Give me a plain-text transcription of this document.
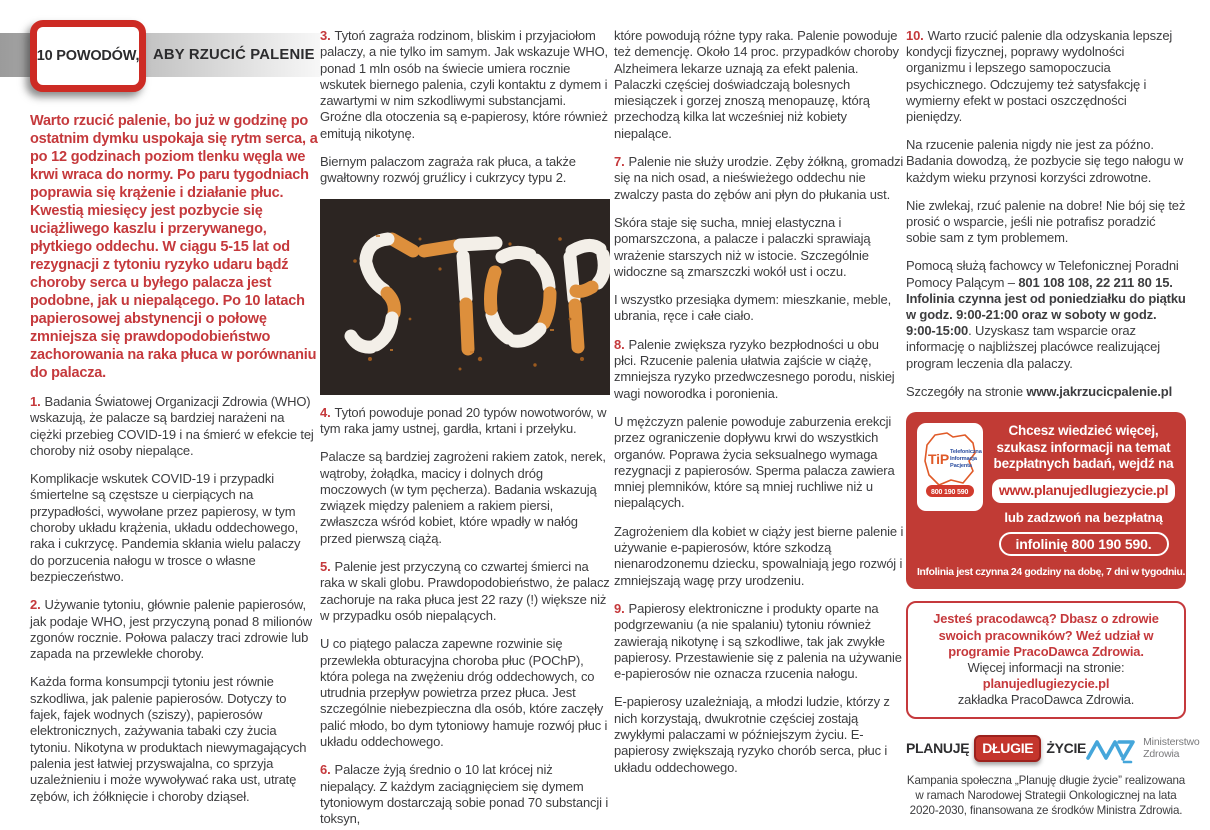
10 POWODÓW, ABY RZUCIĆ PALENIE

Warto rzucić palenie, bo już w godzinę po ostatnim dymku uspokaja się rytm serca, a po 12 godzinach poziom tlenku węgla we krwi wraca do normy. Po paru tygodniach poprawia się krążenie i działanie płuc. Kwestią miesięcy jest pozbycie się uciążliwego kaszlu i przerywanego, płytkiego oddechu. W ciągu 5-15 lat od rezygnacji z tytoniu ryzyko udaru bądź choroby serca u byłego palacza jest podobne, jak u niepalącego. Po 10 latach papierosowej abstynencji o połowę zmniejsza się prawdopodobieństwo zachorowania na raka płuca w porównaniu do palacza.

1. Badania Światowej Organizacji Zdrowia (WHO) wskazują, że palacze są bardziej narażeni na ciężki przebieg COVID-19 i na śmierć w efekcie tej choroby niż osoby niepalące.

Komplikacje wskutek COVID-19 i przypadki śmiertelne są częstsze u cierpiących na przypadłości, wywołane przez papierosy, w tym choroby układu krążenia, układu oddechowego, raka i cukrzycę. Pandemia skłania wielu palaczy do porzucenia nałogu w trosce o własne bezpieczeństwo.

2. Używanie tytoniu, głównie palenie papierosów, jak podaje WHO, jest przyczyną ponad 8 milionów zgonów rocznie. Połowa palaczy traci zdrowie lub zapada na przewlekłe choroby.

Każda forma konsumpcji tytoniu jest równie szkodliwa, jak palenie papierosów. Dotyczy to fajek, fajek wodnych (sziszy), papierosów elektronicznych, zażywania tabaki czy żucia tytoniu. Nikotyna w produktach niewymagających palenia jest łatwiej przyswajalna, co sprzyja uzależnieniu i może wywoływać raka ust, utratę zębów, ich żółknięcie i choroby dziąseł.

3. Tytoń zagraża rodzinom, bliskim i przyjaciołom palaczy, a nie tylko im samym. Jak wskazuje WHO, ponad 1 mln osób na świecie umiera rocznie wskutek biernego palenia, czyli kontaktu z dymem i zawartymi w nim szkodliwymi substancjami. Groźne dla otoczenia są e-papierosy, które również emitują nikotynę.

Biernym palaczom zagraża rak płuca, a także gwałtowny rozwój gruźlicy i cukrzycy typu 2.

4. Tytoń powoduje ponad 20 typów nowotworów, w tym raka jamy ustnej, gardła, krtani i przełyku.

Palacze są bardziej zagrożeni rakiem zatok, nerek, wątroby, żołądka, macicy i dolnych dróg moczowych (w tym pęcherza). Badania wskazują związek między paleniem a rakiem piersi, zwłaszcza wśród kobiet, które wpadły w nałóg przed pierwszą ciążą.

5. Palenie jest przyczyną co czwartej śmierci na raka w skali globu. Prawdopodobieństwo, że palacz zachoruje na raka płuca jest 22 razy (!) większe niż w przypadku osób niepalących.

U co piątego palacza zapewne rozwinie się przewlekła obturacyjna choroba płuc (POChP), która polega na zwężeniu dróg oddechowych, co utrudnia przepływ powietrza przez płuca. Jest szczególnie niebezpieczna dla osób, które zaczęły palić młodo, bo dym tytoniowy hamuje rozwój płuc i układu oddechowego.

6. Palacze żyją średnio o 10 lat krócej niż niepalący. Z każdym zaciągnięciem się dymem tytoniowym dostarczają sobie ponad 70 substancji i toksyn,

które powodują różne typy raka. Palenie powoduje też demencję. Około 14 proc. przypadków choroby Alzheimera lekarze uznają za efekt palenia. Palaczki częściej doświadczają bolesnych miesiączek i gorzej znoszą menopauzę, którą przechodzą kilka lat wcześniej niż kobiety niepalące.

7. Palenie nie służy urodzie. Zęby żółkną, gromadzi się na nich osad, a nieświeżego oddechu nie zwalczy pasta do zębów ani płyn do płukania ust.

Skóra staje się sucha, mniej elastyczna i pomarszczona, a palacze i palaczki sprawiają wrażenie starszych niż w istocie. Szczególnie widoczne są zmarszczki wokół ust i oczu.

I wszystko przesiąka dymem: mieszkanie, meble, ubrania, ręce i całe ciało.

8. Palenie zwiększa ryzyko bezpłodności u obu płci. Rzucenie palenia ułatwia zajście w ciążę, zmniejsza ryzyko przedwczesnego porodu, niskiej wagi noworodka i poronienia.

U mężczyzn palenie powoduje zaburzenia erekcji przez ograniczenie dopływu krwi do wszystkich organów. Poprawa życia seksualnego wymaga rezygnacji z papierosów. Sperma palacza zawiera mniej plemników, które są mniej ruchliwe niż u niepalących.

Zagrożeniem dla kobiet w ciąży jest bierne palenie i używanie e-papierosów, które szkodzą nienarodzonemu dziecku, spowalniają jego rozwój i zmniejszają wagę przy urodzeniu.

9. Papierosy elektroniczne i produkty oparte na podgrzewaniu (a nie spalaniu) tytoniu również zawierają nikotynę i są szkodliwe, tak jak zwykłe papierosy. Przestawienie się z palenia na używanie e-papierosów nie oznacza rzucenia nałogu.

E-papierosy uzależniają, a młodzi ludzie, którzy z nich korzystają, dwukrotnie częściej zostają zwykłymi palaczami w późniejszym życiu. E-papierosy zwiększają ryzyko chorób serca, płuc i układu oddechowego.

10. Warto rzucić palenie dla odzyskania lepszej kondycji fizycznej, poprawy wydolności organizmu i lepszego samopoczucia psychicznego. Odczujemy też satysfakcję i wymierny efekt w postaci oszczędności pieniędzy.

Na rzucenie palenia nigdy nie jest za późno. Badania dowodzą, że pozbycie się tego nałogu w każdym wieku przynosi korzyści zdrowotne.

Nie zwlekaj, rzuć palenie na dobre! Nie bój się też prosić o wsparcie, jeśli nie potrafisz poradzić sobie sam z tym problemem.

Pomocą służą fachowcy w Telefonicznej Poradni Pomocy Palącym – 801 108 108, 22 211 80 15. Infolinia czynna jest od poniedziałku do piątku w godz. 9:00-21:00 oraz w soboty w godz. 9:00-15:00. Uzyskasz tam wsparcie oraz informację o najbliższej placówce realizującej program leczenia dla palaczy.

Szczegóły na stronie www.jakrzucicpalenie.pl

TiP Telefoniczna
Informacja
Pacjenta
800 190 590
Chcesz wiedzieć więcej, szukasz informacji na temat bezpłatnych badań, wejdź na
www.planujedlugiezycie.pl
lub zadzwoń na bezpłatną
infolinię 800 190 590.
Infolinia jest czynna 24 godziny na dobę, 7 dni w tygodniu.
Jesteś pracodawcą? Dbasz o zdrowie swoich pracowników? Weź udział w programie PracoDawca Zdrowia.
Więcej informacji na stronie:
planujedlugiezycie.pl
zakładka PracoDawca Zdrowia.
PLANUJĘ DŁUGIE ŻYCIE	Ministerstwo
Zdrowia
Kampania społeczna „Planuję długie życie” realizowana w ramach Narodowej Strategii Onkologicznej na lata 2020-2030, finansowana ze środków Ministra Zdrowia.
